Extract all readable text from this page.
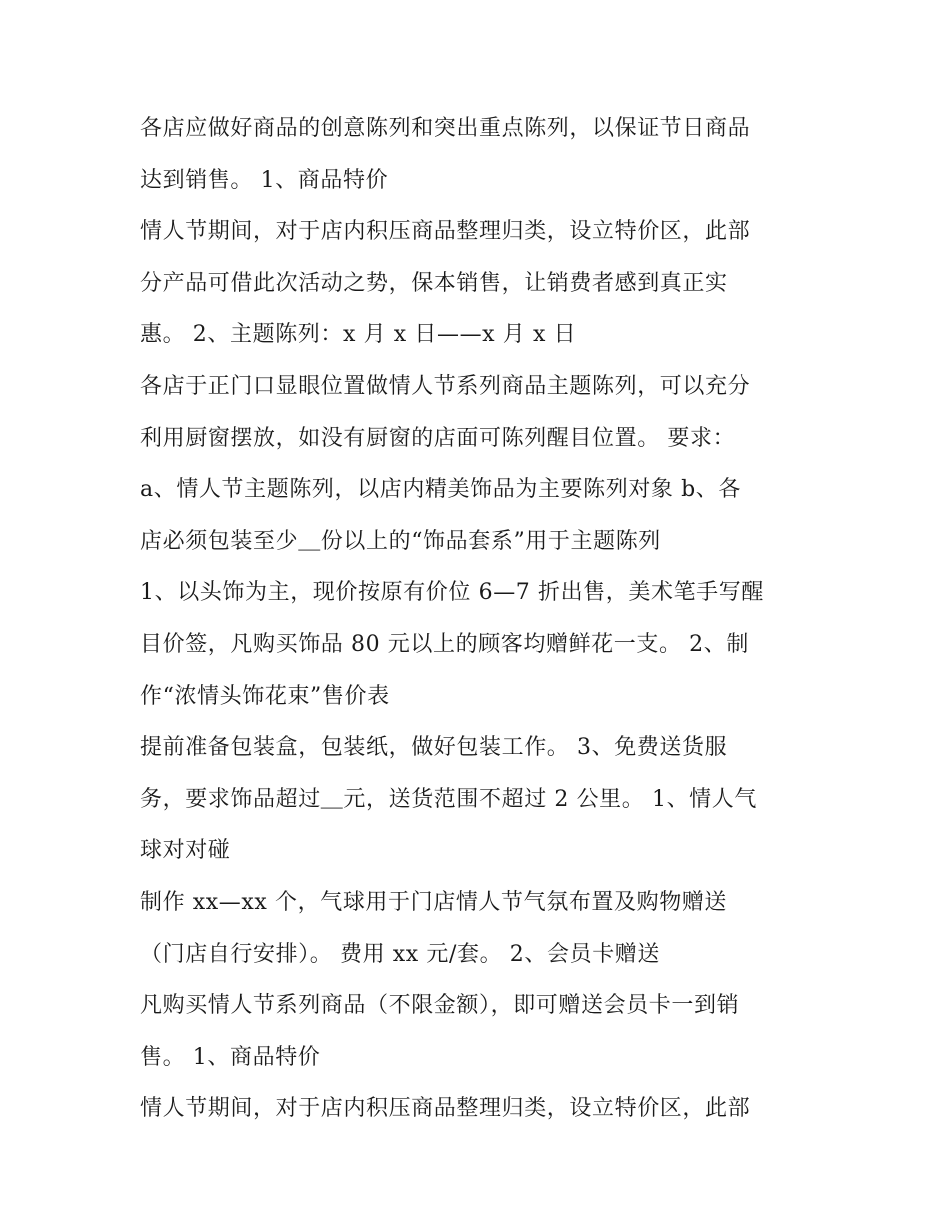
各店应做好商品的创意陈列和突出重点陈列，以保证节日商品
达到销售。 1、商品特价
情人节期间，对于店内积压商品整理归类，设立特价区，此部
分产品可借此次活动之势，保本销售，让销费者感到真正实
惠。 2、主题陈列：x 月 x 日——x 月 x 日
各店于正门口显眼位置做情人节系列商品主题陈列，可以充分
利用厨窗摆放，如没有厨窗的店面可陈列醒目位置。 要求：
a、情人节主题陈列，以店内精美饰品为主要陈列对象 b、各
店必须包装至少＿份以上的“饰品套系”用于主题陈列
1、以头饰为主，现价按原有价位 6—7 折出售，美术笔手写醒
目价签，凡购买饰品 80 元以上的顾客均赠鲜花一支。 2、制
作“浓情头饰花束”售价表
提前准备包装盒，包装纸，做好包装工作。 3、免费送货服
务，要求饰品超过＿元，送货范围不超过 2 公里。 1、情人气
球对对碰
制作 xx—xx 个，气球用于门店情人节气氛布置及购物赠送
（门店自行安排）。 费用 xx 元/套。 2、会员卡赠送
凡购买情人节系列商品（不限金额），即可赠送会员卡一到销
售。 1、商品特价
情人节期间，对于店内积压商品整理归类，设立特价区，此部
